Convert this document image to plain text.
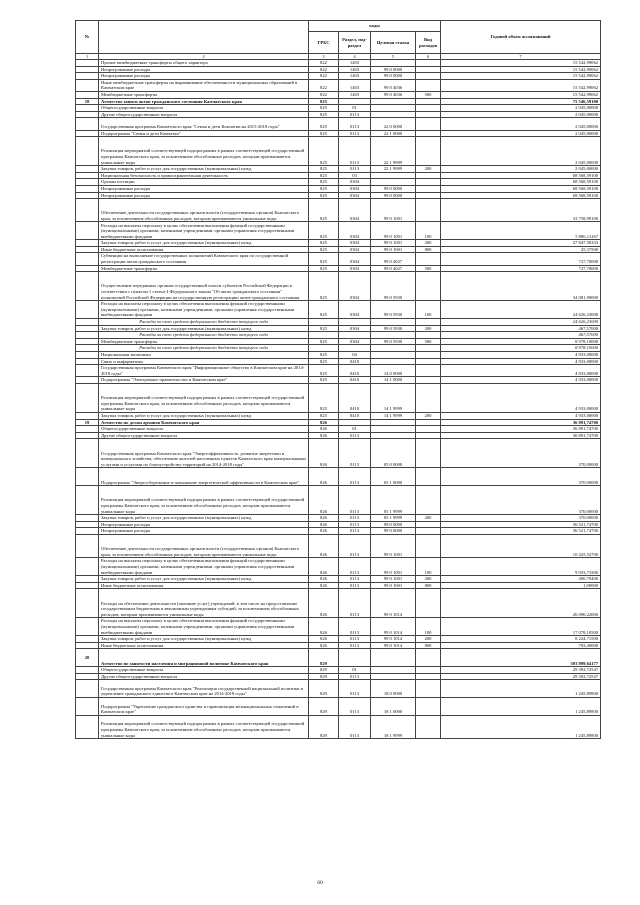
№		коды				Годовой объем ассигнований
		ГРБС	Раздел, под-раздел	Целевая статья	Вид расходов	
1	2	3	4	5	6	7
	Прочие межбюджетные трансферты общего характера	822	1403			15 542,99062
	Непрограммные расходы	822	1403	99 0 0000		15 542,99062
	Непрограммные расходы	822	1403	99 0 0000		15 542,99062
	Иные межбюджетные трансферты на выравнивание обеспеченности муниципальных образований в Камчатском крае	822	1403	99 0 4036		15 542,99062
	Межбюджетные трансферты	822	1403	99 0 4036	500	15 542,99062
18	Агентство записи актов гражданского состояния Камчатского края	825				75 546,59100
	Общегосударственные вопросы	825	01			2 045,00000
	Другие общегосударственные вопросы	825	0113			2 045,00000
	Государственная программа Камчатского края "Семья и дети Камчатки на 2015-2018 годы"	825	0113	22 0 0000		2 045,00000
	Подпрограмма "Семья и дети Камчатки"	825	0113	22 1 0000		2 045,00000
	Реализация мероприятий соответствующей подпрограммы в рамках соответствующей государственной программы Камчатского края, за исключением обособленных расходов, которым присваиваются уникальные коды	825	0113	22 1 9999		2 045,00000
	Закупка товаров, работ и услуг для государственных (муниципальных) нужд	825	0113	22 1 9999	200	2 045,00000
	Национальная безопасность и правоохранительная деятельность	825	03			68 568,59100
	Органы юстиции	825	0304			68 568,59100
	Непрограммные расходы	825	0304	99 0 0000		68 568,59100
	Непрограммные расходы	825	0304	99 0 0000		68 568,59100
	Обеспечение деятельности государственных органов власти (государственных органов) Камчатского края, за исключением обособленных расходов, которым присваиваются уникальные коды	825	0304	99 0 1001		33 758,99100
	Расходы на выплаты персоналу в целях обеспечения выполнения функций государственными (муниципальными) органами, казенными учреждениями, органами управления государственными внебюджетными фондами	825	0304	99 0 1001	100	5 886,11267
	Закупка товаров, работ и услуг для государственных (муниципальных) нужд	825	0304	99 0 1001	200	27 847,50333
	Иные бюджетные ассигнования	825	0304	99 0 1001	800	25,37500
	Субвенции на выполнение государственных полномочий Камчатского края по государственной регистрации актов гражданского состояния	825	0304	99 0 4027		727,70000
	Межбюджетные трансферты	825	0304	99 0 4027	500	727,70000
	Осуществление переданных органам государственной власти субъектов Российской Федерации в соответствии с пунктом 1 статьи 4 Федерального закона "Об актах гражданского состояния" полномочий Российской Федерации на государственную регистрацию актов гражданского состояния	825	0304	99 0 5930		34 081,90000
	Расходы на выплаты персоналу в целях обеспечения выполнения функций государственными (муниципальными) органами, казенными учреждениями, органами управления государственными внебюджетными фондами	825	0304	99 0 5930	100	24 626,23000
	Расходы за счет средств федерального бюджета текущего года					24 626,23000
	Закупка товаров, работ и услуг для государственных (муниципальных) нужд	825	0304	99 0 5930	200	467,57000
	Расходы за счет средств федерального бюджета текущего года					467,57000
	Межбюджетные трансферты	825	0304	99 0 5930	500	8 978,10000
	Расходы за счет средств федерального бюджета текущего года					8 978,10000
	Национальная экономика	825	04			4 933,00000
	Связь и информатика	825	0410			4 933,00000
	Государственная программа Камчатского края "Информационное общество в Камчатском крае на 2014-2018 годы"	825	0410	14 0 0000		4 933,00000
	Подпрограмма "Электронное правительство в Камчатском крае"	825	0410	14 1 0000		4 933,00000
	Реализация мероприятий соответствующей подпрограммы в рамках соответствующей государственной программы Камчатского края, за исключением обособленных расходов, которым присваиваются уникальные коды	825	0410	14 1 9999		4 933,00000
	Закупка товаров, работ и услуг для государственных (муниципальных) нужд	825	0410	14 1 9999	200	4 933,00000
19	Агентство по делам архивов Камчатского края	826				36 891,74700
	Общегосударственные вопросы	826	01			36 891,74700
	Другие общегосударственные вопросы	826	0113			36 891,74700
	Государственная программа Камчатского края "Энергоэффективность, развитие энергетики и коммунального хозяйства, обеспечение жителей населенных пунктов Камчатского края коммунальными услугами и услугами по благоустройству территорий на 2014-2018 годы"	826	0113	05 0 0000		370,00000
	Подпрограмма "Энергосбережение и повышение энергетической эффективности в Камчатском крае"	826	0113	05 1 0000		370,00000
	Реализация мероприятий соответствующей подпрограммы в рамках соответствующей государственной программы Камчатского края, за исключением обособленных расходов, которым присваиваются уникальные коды	826	0113	05 1 9999		370,00000
	Закупка товаров, работ и услуг для государственных (муниципальных) нужд	826	0113	05 1 9999	200	370,00000
	Непрограммные расходы	826	0113	99 0 0000		36 521,74700
	Непрограммные расходы	826	0113	99 0 0000		36 521,74700
	Обеспечение деятельности государственных органов власти (государственных органов) Камчатского края, за исключением обособленных расходов, которым присваиваются уникальные коды	826	0113	99 0 1001		10 425,52700
	Расходы на выплаты персоналу в целях обеспечения выполнения функций государственными (муниципальными) органами, казенными учреждениями, органами управления государственными внебюджетными фондами	826	0113	99 0 1001	100	9 933,73300
	Закупка товаров, работ и услуг для государственных (муниципальных) нужд	826	0113	99 0 1001	200	490,79400
	Иные бюджетные ассигнования	826	0113	99 0 1001	800	1,00000
	Расходы на обеспечение деятельности (оказание услуг) учреждений, в том числе на предоставление государственным бюджетным и автономным учреждениям субсидий, за исключением обособленных расходов, которым присваиваются уникальные коды	826	0113	99 0 1014		26 096,22000
	Расходы на выплаты персоналу в целях обеспечения выполнения функций государственными (муниципальными) органами, казенными учреждениями, органами управления государственными внебюджетными фондами	826	0113	99 0 1014	100	17 078,10500
	Закупка товаров, работ и услуг для государственных (муниципальных) нужд	826	0113	99 0 1014	200	8 224,71500
	Иные бюджетные ассигнования	826	0113	99 0 1014	800	793,40000
20	Агентство по занятости населения и миграционной политике Камчатского края	829				503 899,64177
	Общегосударственные вопросы	829	01			29 392,72547
	Другие общегосударственные вопросы	829	0113			29 392,72547
	Государственная программа Камчатского края "Реализация государственной национальной политики и укрепление гражданского единства в Камчатском крае на 2014-2018 годы"	829	0113	18 0 0000		1 245,89800
	Подпрограмма "Укрепление гражданского единства и гармонизация межнациональных отношений в Камчатском крае"	829	0113	18 1 0000		1 245,89800
	Реализация мероприятий соответствующей подпрограммы в рамках соответствующей государственной программы Камчатского края, за исключением обособленных расходов, которым присваиваются уникальные коды	829	0113	18 1 9999		1 245,89800
60
